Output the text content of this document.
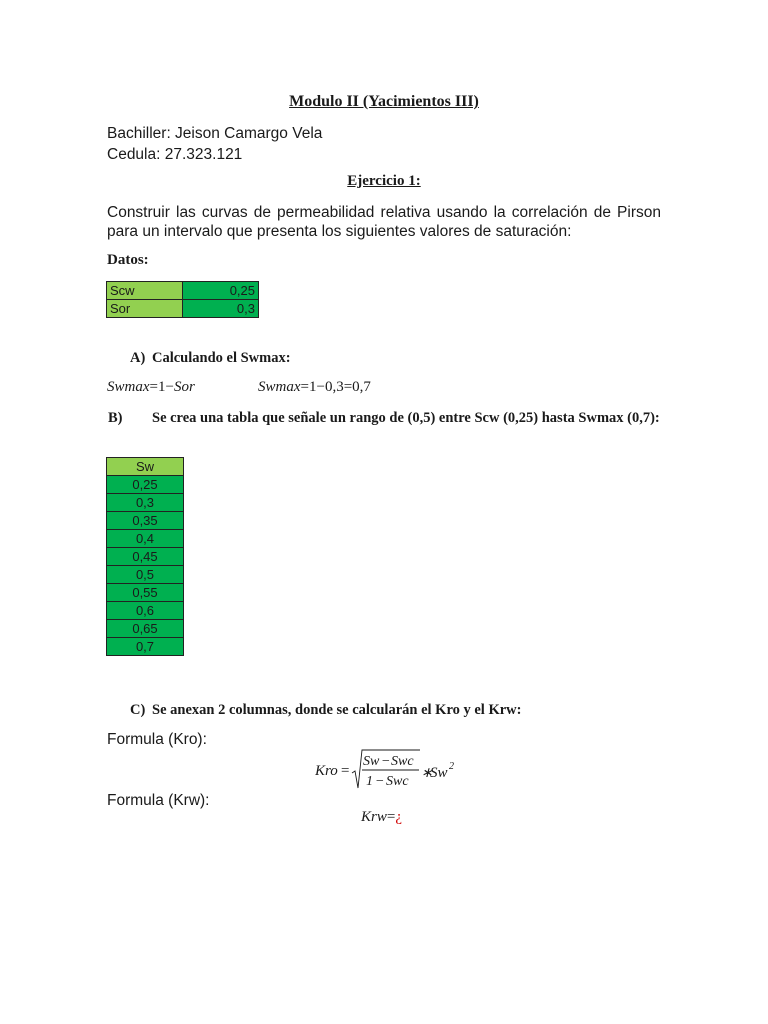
Modulo II (Yacimientos III)
Bachiller: Jeison Camargo Vela
Cedula: 27.323.121
Ejercicio 1:
Construir las curvas de permeabilidad relativa usando la correlación de Pirson para un intervalo que presenta los siguientes valores de saturación:
Datos:
Scw	0,25
Sor	0,3
A) Calculando el Swmax:
Swmax=1−Sor	Swmax=1−0,3=0,7
B) Se crea una tabla que señale un rango de (0,5) entre Scw (0,25) hasta Swmax (0,7):
Sw
0,25
0,3
0,35
0,4
0,45
0,5
0,55
0,6
0,65
0,7
C) Se anexan 2 columnas, donde se calcularán el Kro y el Krw:
Formula (Kro):
Kro =
Sw − Swc
1 − Swc
∗
Sw 2
Formula (Krw):
Krw=¿
